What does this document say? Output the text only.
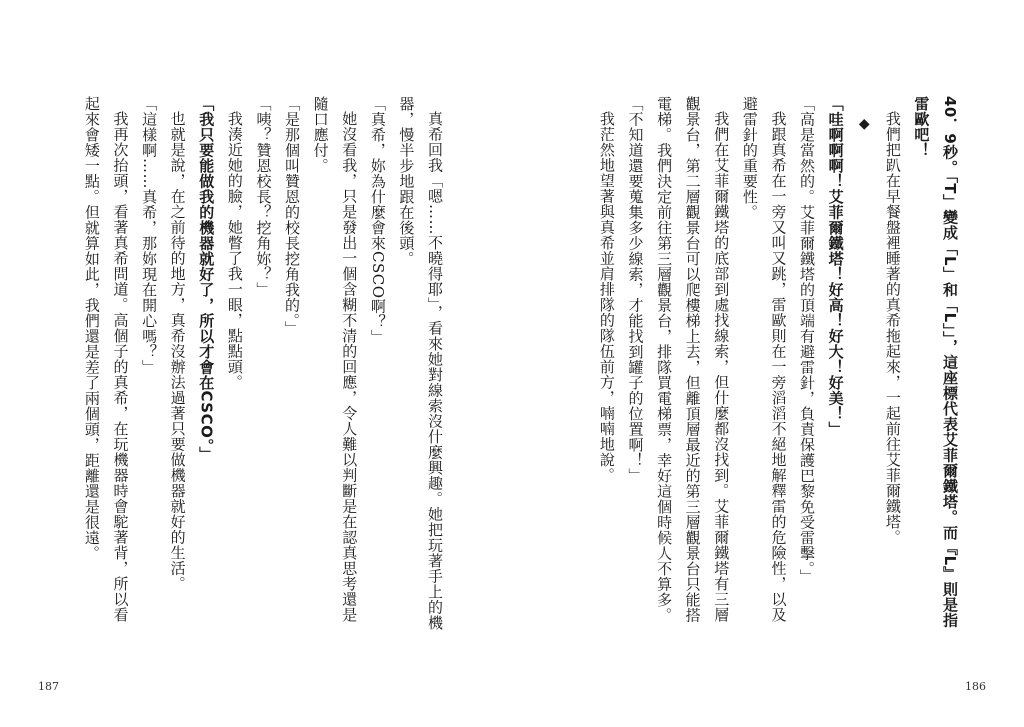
真希回我「嗯……不曉得耶」，看來她對線索沒什麼興趣。她把玩著手上的機器，慢半步地跟在後頭。

「真希，妳為什麼會來CSCO啊？」

她沒看我，只是發出一個含糊不清的回應，令人難以判斷是在認真思考還是隨口應付。

「是那個叫贊恩的校長挖角我的。」

「咦？贊恩校長？挖角妳？」

我湊近她的臉，她瞥了我一眼，點點頭。

「我只要能做我的機器就好了，所以才會在CSCO。」

也就是說，在之前待的地方，真希沒辦法過著只要做機器就好的生活。

「這樣啊……真希，那妳現在開心嗎？」

我再次抬頭，看著真希問道。高個子的真希，在玩機器時會駝著背，所以看起來會矮一點。但就算如此，我們還是差了兩個頭，距離還是很遠。

187

40．9秒。「T」變成「L」和「L」」，這座標代表艾菲爾鐵塔。而『L』則是指雷歐吧！

我們把趴在早餐盤裡睡著的真希拖起來，一起前往艾菲爾鐵塔。

◆

「哇啊啊啊！艾菲爾鐵塔！好高！好大！好美！」

「高是當然的。艾菲爾鐵塔的頂端有避雷針，負責保護巴黎免受雷擊。」

我跟真希在一旁又叫又跳，雷歐則在一旁滔滔不絕地解釋雷的危險性，以及避雷針的重要性。

我們在艾菲爾鐵塔的底部到處找線索，但什麼都沒找到。艾菲爾鐵塔有三層觀景台，第二層觀景台可以爬樓梯上去，但離頂層最近的第三層觀景台只能搭電梯。我們決定前往第三層觀景台，排隊買電梯票，幸好這個時候人不算多。

「不知道還要蒐集多少線索，才能找到罐子的位置啊！」

我茫然地望著與真希並肩排隊的隊伍前方，喃喃地說。

186
